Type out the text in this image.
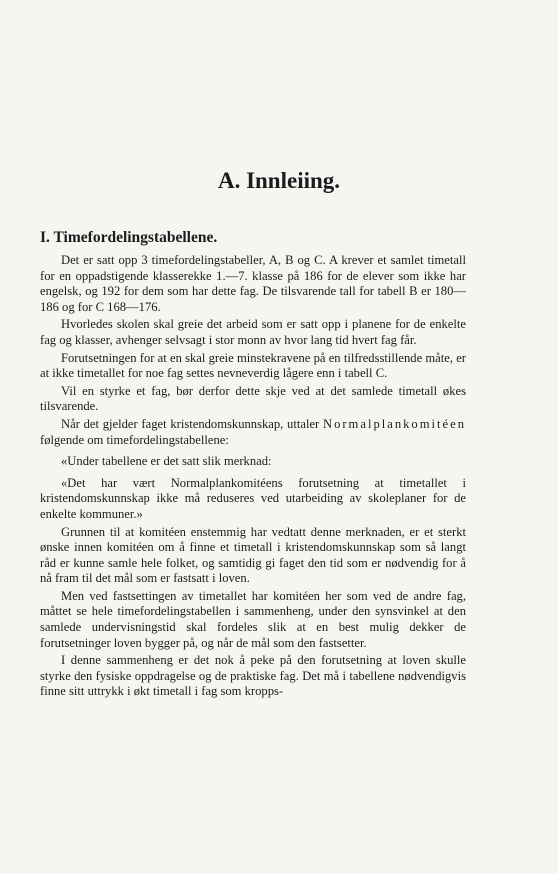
A. Innleiing.
I. Timefordelingstabellene.

Det er satt opp 3 timefordelingstabeller, A, B og C. A krever et samlet timetall for en oppadstigende klasserekke 1.—7. klasse på 186 for de elever som ikke har engelsk, og 192 for dem som har dette fag. De tilsvarende tall for tabell B er 180—186 og for C 168—176.

Hvorledes skolen skal greie det arbeid som er satt opp i planene for de enkelte fag og klasser, avhenger selvsagt i stor monn av hvor lang tid hvert fag får.

Forutsetningen for at en skal greie minstekravene på en tilfredsstillende måte, er at ikke timetallet for noe fag settes nevneverdig lågere enn i tabell C.

Vil en styrke et fag, bør derfor dette skje ved at det samlede timetall økes tilsvarende.

Når det gjelder faget kristendomskunnskap, uttaler Normalplankomitéen følgende om timefordelingstabellene:

«Under tabellene er det satt slik merknad:

«Det har vært Normalplankomitéens forutsetning at timetallet i kristendomskunnskap ikke må reduseres ved utarbeiding av skoleplaner for de enkelte kommuner.»

Grunnen til at komitéen enstemmig har vedtatt denne merknaden, er et sterkt ønske innen komitéen om å finne et timetall i kristendomskunnskap som så langt råd er kunne samle hele folket, og samtidig gi faget den tid som er nødvendig for å nå fram til det mål som er fastsatt i loven.

Men ved fastsettingen av timetallet har komitéen her som ved de andre fag, måttet se hele timefordelingstabellen i sammenheng, under den synsvinkel at den samlede undervisningstid skal fordeles slik at en best mulig dekker de forutsetninger loven bygger på, og når de mål som den fastsetter.

I denne sammenheng er det nok å peke på den forutsetning at loven skulle styrke den fysiske oppdragelse og de praktiske fag. Det må i tabellene nødvendigvis finne sitt uttrykk i økt timetall i fag som kropps-
